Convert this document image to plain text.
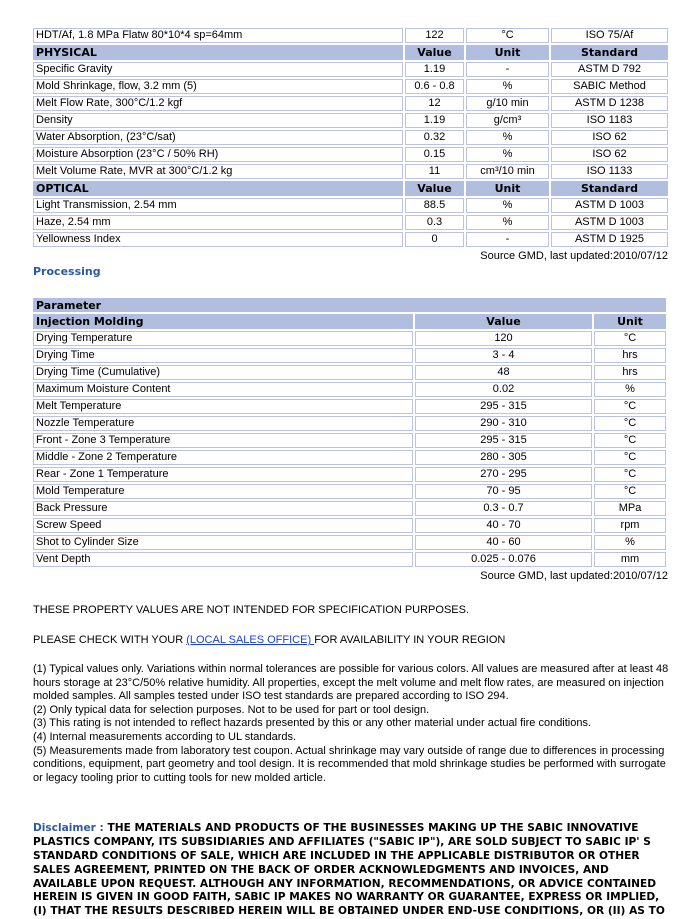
HDT/Af, 1.8 MPa Flatw 80*10*4 sp=64mm	122	°C	ISO 75/Af
PHYSICAL	Value	Unit	Standard
Specific Gravity	1.19	-	ASTM D 792
Mold Shrinkage, flow, 3.2 mm (5)	0.6 - 0.8	%	SABIC Method
Melt Flow Rate, 300°C/1.2 kgf	12	g/10 min	ASTM D 1238
Density	1.19	g/cm³	ISO 1183
Water Absorption, (23°C/sat)	0.32	%	ISO 62
Moisture Absorption (23°C / 50% RH)	0.15	%	ISO 62
Melt Volume Rate, MVR at 300°C/1.2 kg	11	cm³/10 min	ISO 1133
OPTICAL	Value	Unit	Standard
Light Transmission, 2.54 mm	88.5	%	ASTM D 1003
Haze, 2.54 mm	0.3	%	ASTM D 1003
Yellowness Index	0	-	ASTM D 1925
Source GMD, last updated:2010/07/12
Processing
Parameter		
Injection Molding	Value	Unit
Drying Temperature	120	°C
Drying Time	3 - 4	hrs
Drying Time (Cumulative)	48	hrs
Maximum Moisture Content	0.02	%
Melt Temperature	295 - 315	°C
Nozzle Temperature	290 - 310	°C
Front - Zone 3 Temperature	295 - 315	°C
Middle - Zone 2 Temperature	280 - 305	°C
Rear - Zone 1 Temperature	270 - 295	°C
Mold Temperature	70 - 95	°C
Back Pressure	0.3 - 0.7	MPa
Screw Speed	40 - 70	rpm
Shot to Cylinder Size	40 - 60	%
Vent Depth	0.025 - 0.076	mm
Source GMD, last updated:2010/07/12
THESE PROPERTY VALUES ARE NOT INTENDED FOR SPECIFICATION PURPOSES.
PLEASE CHECK WITH YOUR (LOCAL SALES OFFICE) FOR AVAILABILITY IN YOUR REGION
(1) Typical values only. Variations within normal tolerances are possible for various colors. All values are measured after at least 48 hours storage at 23°C/50% relative humidity. All properties, except the melt volume and melt flow rates, are measured on injection molded samples. All samples tested under ISO test standards are prepared according to ISO 294.
(2) Only typical data for selection purposes. Not to be used for part or tool design.
(3) This rating is not intended to reflect hazards presented by this or any other material under actual fire conditions.
(4) Internal measurements according to UL standards.
(5) Measurements made from laboratory test coupon. Actual shrinkage may vary outside of range due to differences in processing conditions, equipment, part geometry and tool design. It is recommended that mold shrinkage studies be performed with surrogate or legacy tooling prior to cutting tools for new molded article.
Disclaimer : THE MATERIALS AND PRODUCTS OF THE BUSINESSES MAKING UP THE SABIC INNOVATIVE PLASTICS COMPANY, ITS SUBSIDIARIES AND AFFILIATES ("SABIC IP"), ARE SOLD SUBJECT TO SABIC IP' S STANDARD CONDITIONS OF SALE, WHICH ARE INCLUDED IN THE APPLICABLE DISTRIBUTOR OR OTHER SALES AGREEMENT, PRINTED ON THE BACK OF ORDER ACKNOWLEDGMENTS AND INVOICES, AND AVAILABLE UPON REQUEST. ALTHOUGH ANY INFORMATION, RECOMMENDATIONS, OR ADVICE CONTAINED HEREIN IS GIVEN IN GOOD FAITH, SABIC IP MAKES NO WARRANTY OR GUARANTEE, EXPRESS OR IMPLIED, (I) THAT THE RESULTS DESCRIBED HEREIN WILL BE OBTAINED UNDER END-USE CONDITIONS, OR (II) AS TO
